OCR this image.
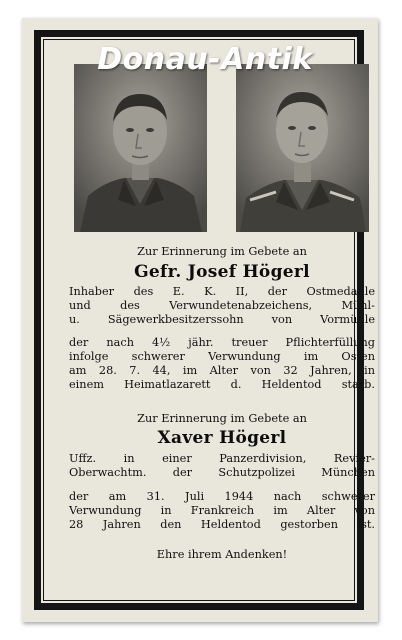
Zur Erinnerung im Gebete an
Gefr. Josef Högerl

Inhaber des E. K. II, der Ostmedaille

und des Verwundetenabzeichens, Mühl-

u. Sägewerkbesitzerssohn von Vormühle

der nach 4½ jähr. treuer Pflichterfüllung

infolge schwerer Verwundung im Osten

am 28. 7. 44, im Alter von 32 Jahren, in

einem Heimatlazarett d. Heldentod starb.

Zur Erinnerung im Gebete an
Xaver Högerl

Uffz. in einer Panzerdivision, Revier-

Oberwachtm. der Schutzpolizei München

der am 31. Juli 1944 nach schwerer

Verwundung in Frankreich im Alter von

28 Jahren den Heldentod gestorben ist.

Ehre ihrem Andenken!
Donau-Antik
